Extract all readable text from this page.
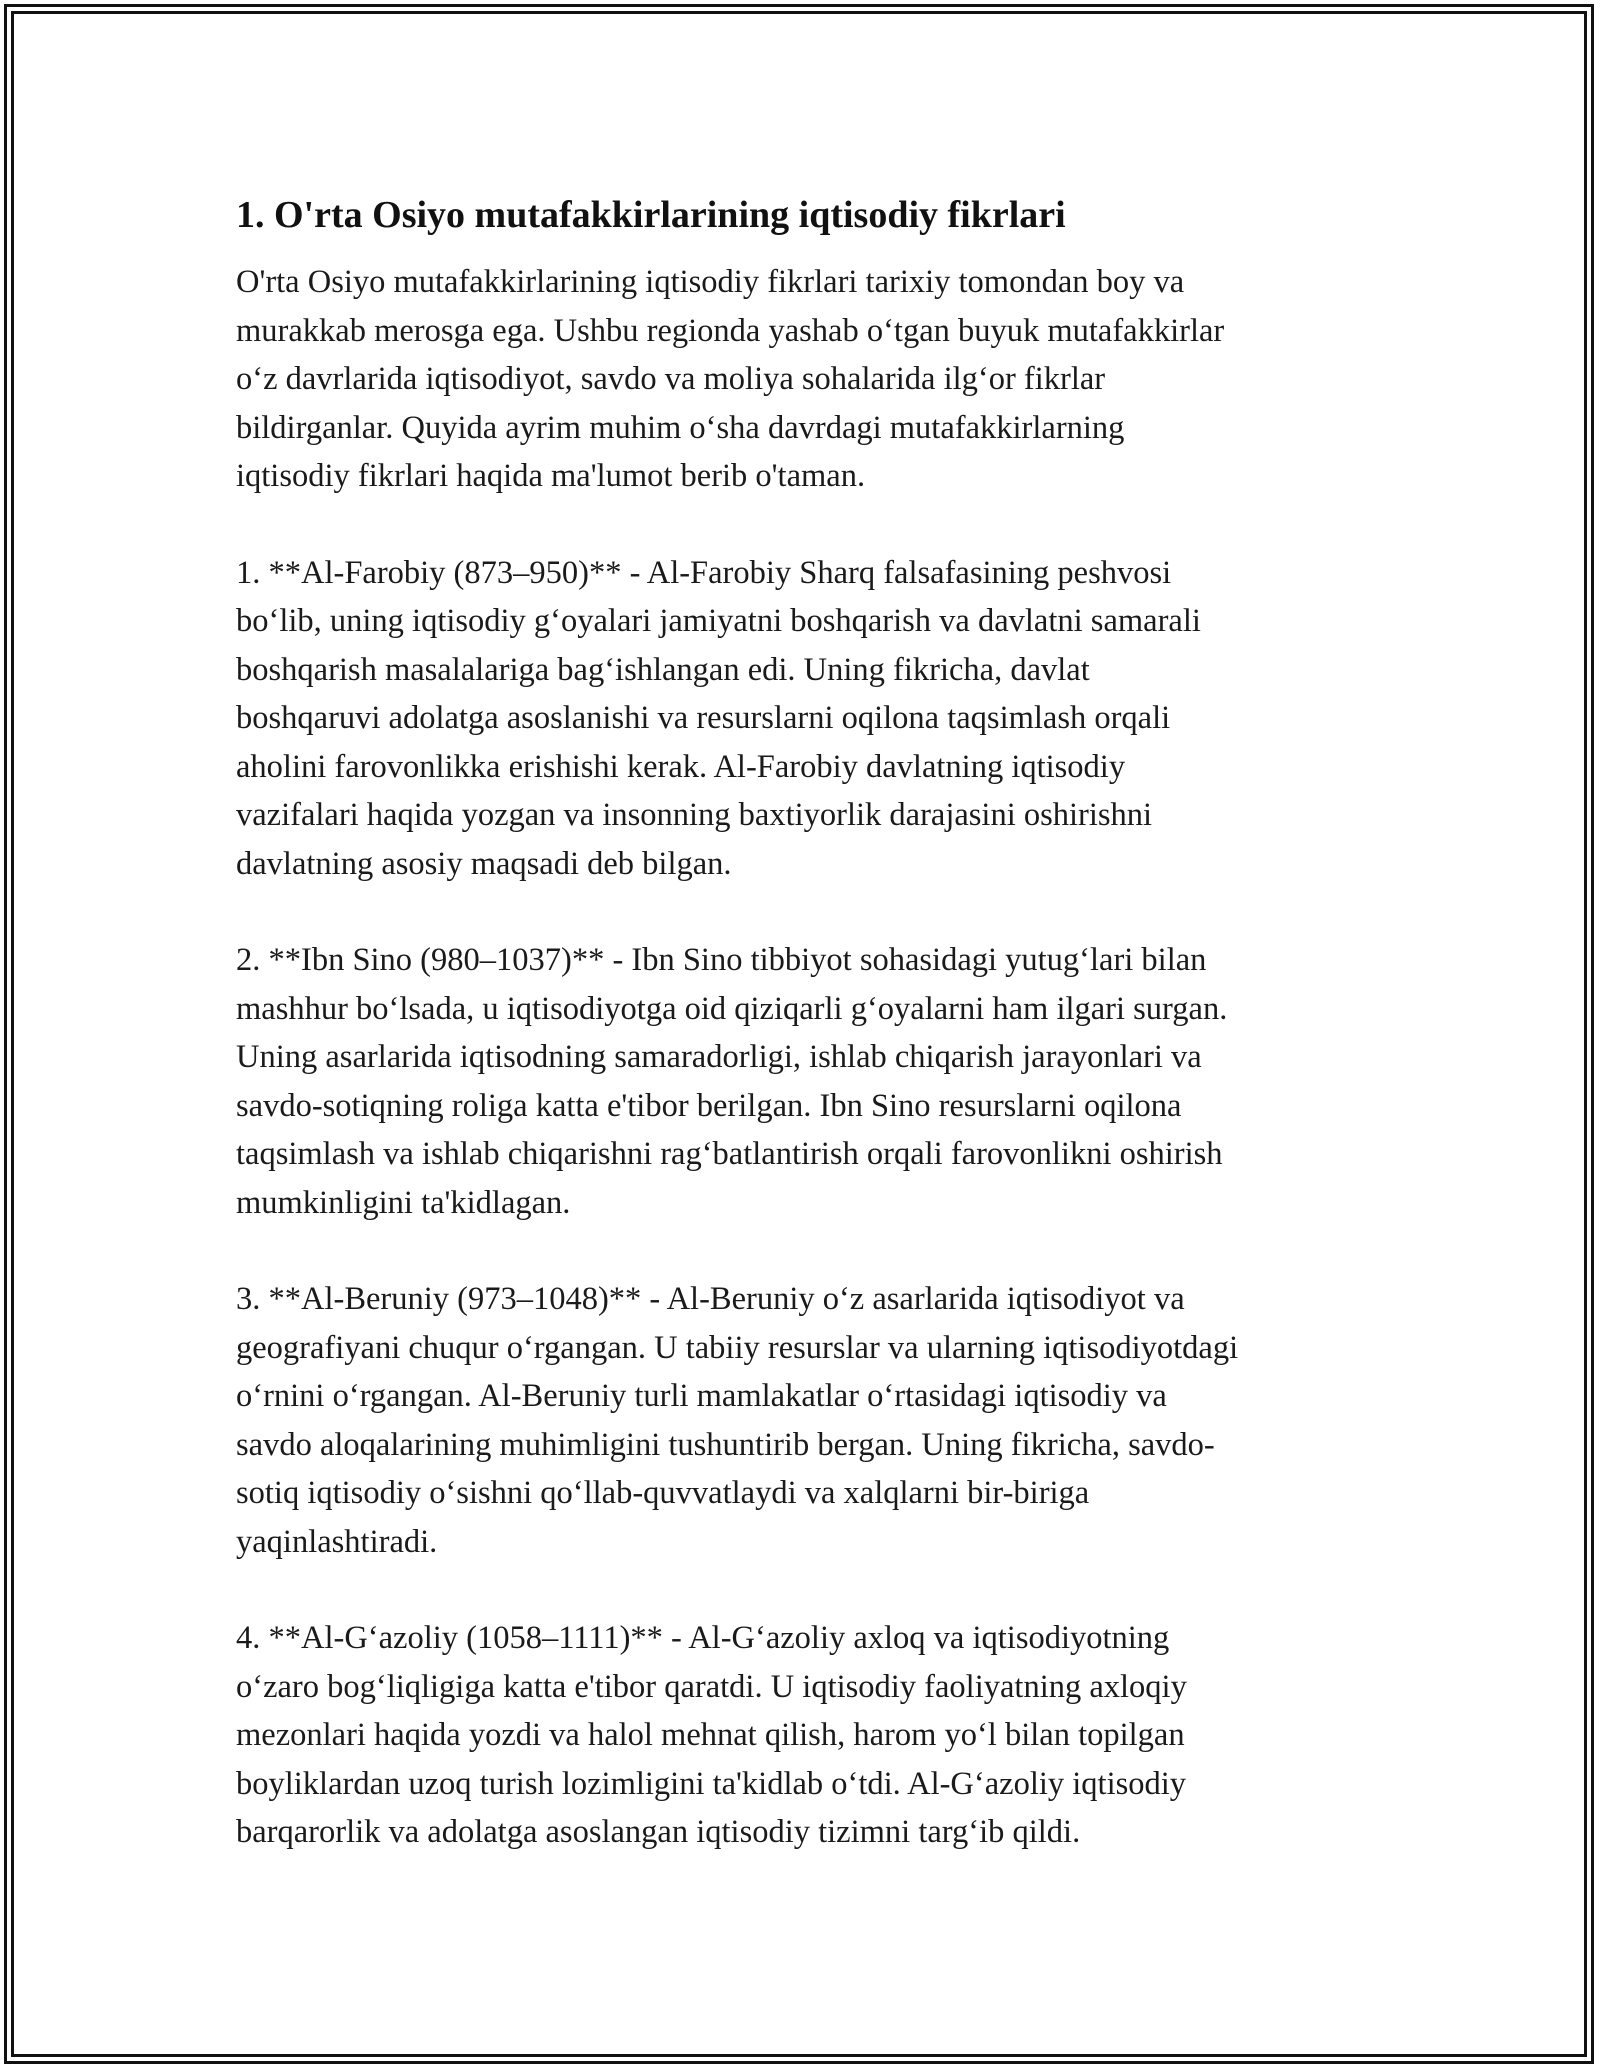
1. O'rta Osiyo mutafakkirlarining iqtisodiy fikrlari

O'rta Osiyo mutafakkirlarining iqtisodiy fikrlari tarixiy tomondan boy va
murakkab merosga ega. Ushbu regionda yashab o‘tgan buyuk mutafakkirlar
o‘z davrlarida iqtisodiyot, savdo va moliya sohalarida ilg‘or fikrlar
bildirganlar. Quyida ayrim muhim o‘sha davrdagi mutafakkirlarning
iqtisodiy fikrlari haqida ma'lumot berib o'taman.

1. **Al-Farobiy (873–950)** - Al-Farobiy Sharq falsafasining peshvosi
bo‘lib, uning iqtisodiy g‘oyalari jamiyatni boshqarish va davlatni samarali
boshqarish masalalariga bag‘ishlangan edi. Uning fikricha, davlat
boshqaruvi adolatga asoslanishi va resurslarni oqilona taqsimlash orqali
aholini farovonlikka erishishi kerak. Al-Farobiy davlatning iqtisodiy
vazifalari haqida yozgan va insonning baxtiyorlik darajasini oshirishni
davlatning asosiy maqsadi deb bilgan.

2. **Ibn Sino (980–1037)** - Ibn Sino tibbiyot sohasidagi yutug‘lari bilan
mashhur bo‘lsada, u iqtisodiyotga oid qiziqarli g‘oyalarni ham ilgari surgan.
Uning asarlarida iqtisodning samaradorligi, ishlab chiqarish jarayonlari va
savdo-sotiqning roliga katta e'tibor berilgan. Ibn Sino resurslarni oqilona
taqsimlash va ishlab chiqarishni rag‘batlantirish orqali farovonlikni oshirish
mumkinligini ta'kidlagan.

3. **Al-Beruniy (973–1048)** - Al-Beruniy o‘z asarlarida iqtisodiyot va
geografiyani chuqur o‘rgangan. U tabiiy resurslar va ularning iqtisodiyotdagi
o‘rnini o‘rgangan. Al-Beruniy turli mamlakatlar o‘rtasidagi iqtisodiy va
savdo aloqalarining muhimligini tushuntirib bergan. Uning fikricha, savdo-
sotiq iqtisodiy o‘sishni qo‘llab-quvvatlaydi va xalqlarni bir-biriga
yaqinlashtiradi.

4. **Al-G‘azoliy (1058–1111)** - Al-G‘azoliy axloq va iqtisodiyotning
o‘zaro bog‘liqligiga katta e'tibor qaratdi. U iqtisodiy faoliyatning axloqiy
mezonlari haqida yozdi va halol mehnat qilish, harom yo‘l bilan topilgan
boyliklardan uzoq turish lozimligini ta'kidlab o‘tdi. Al-G‘azoliy iqtisodiy
barqarorlik va adolatga asoslangan iqtisodiy tizimni targ‘ib qildi.
